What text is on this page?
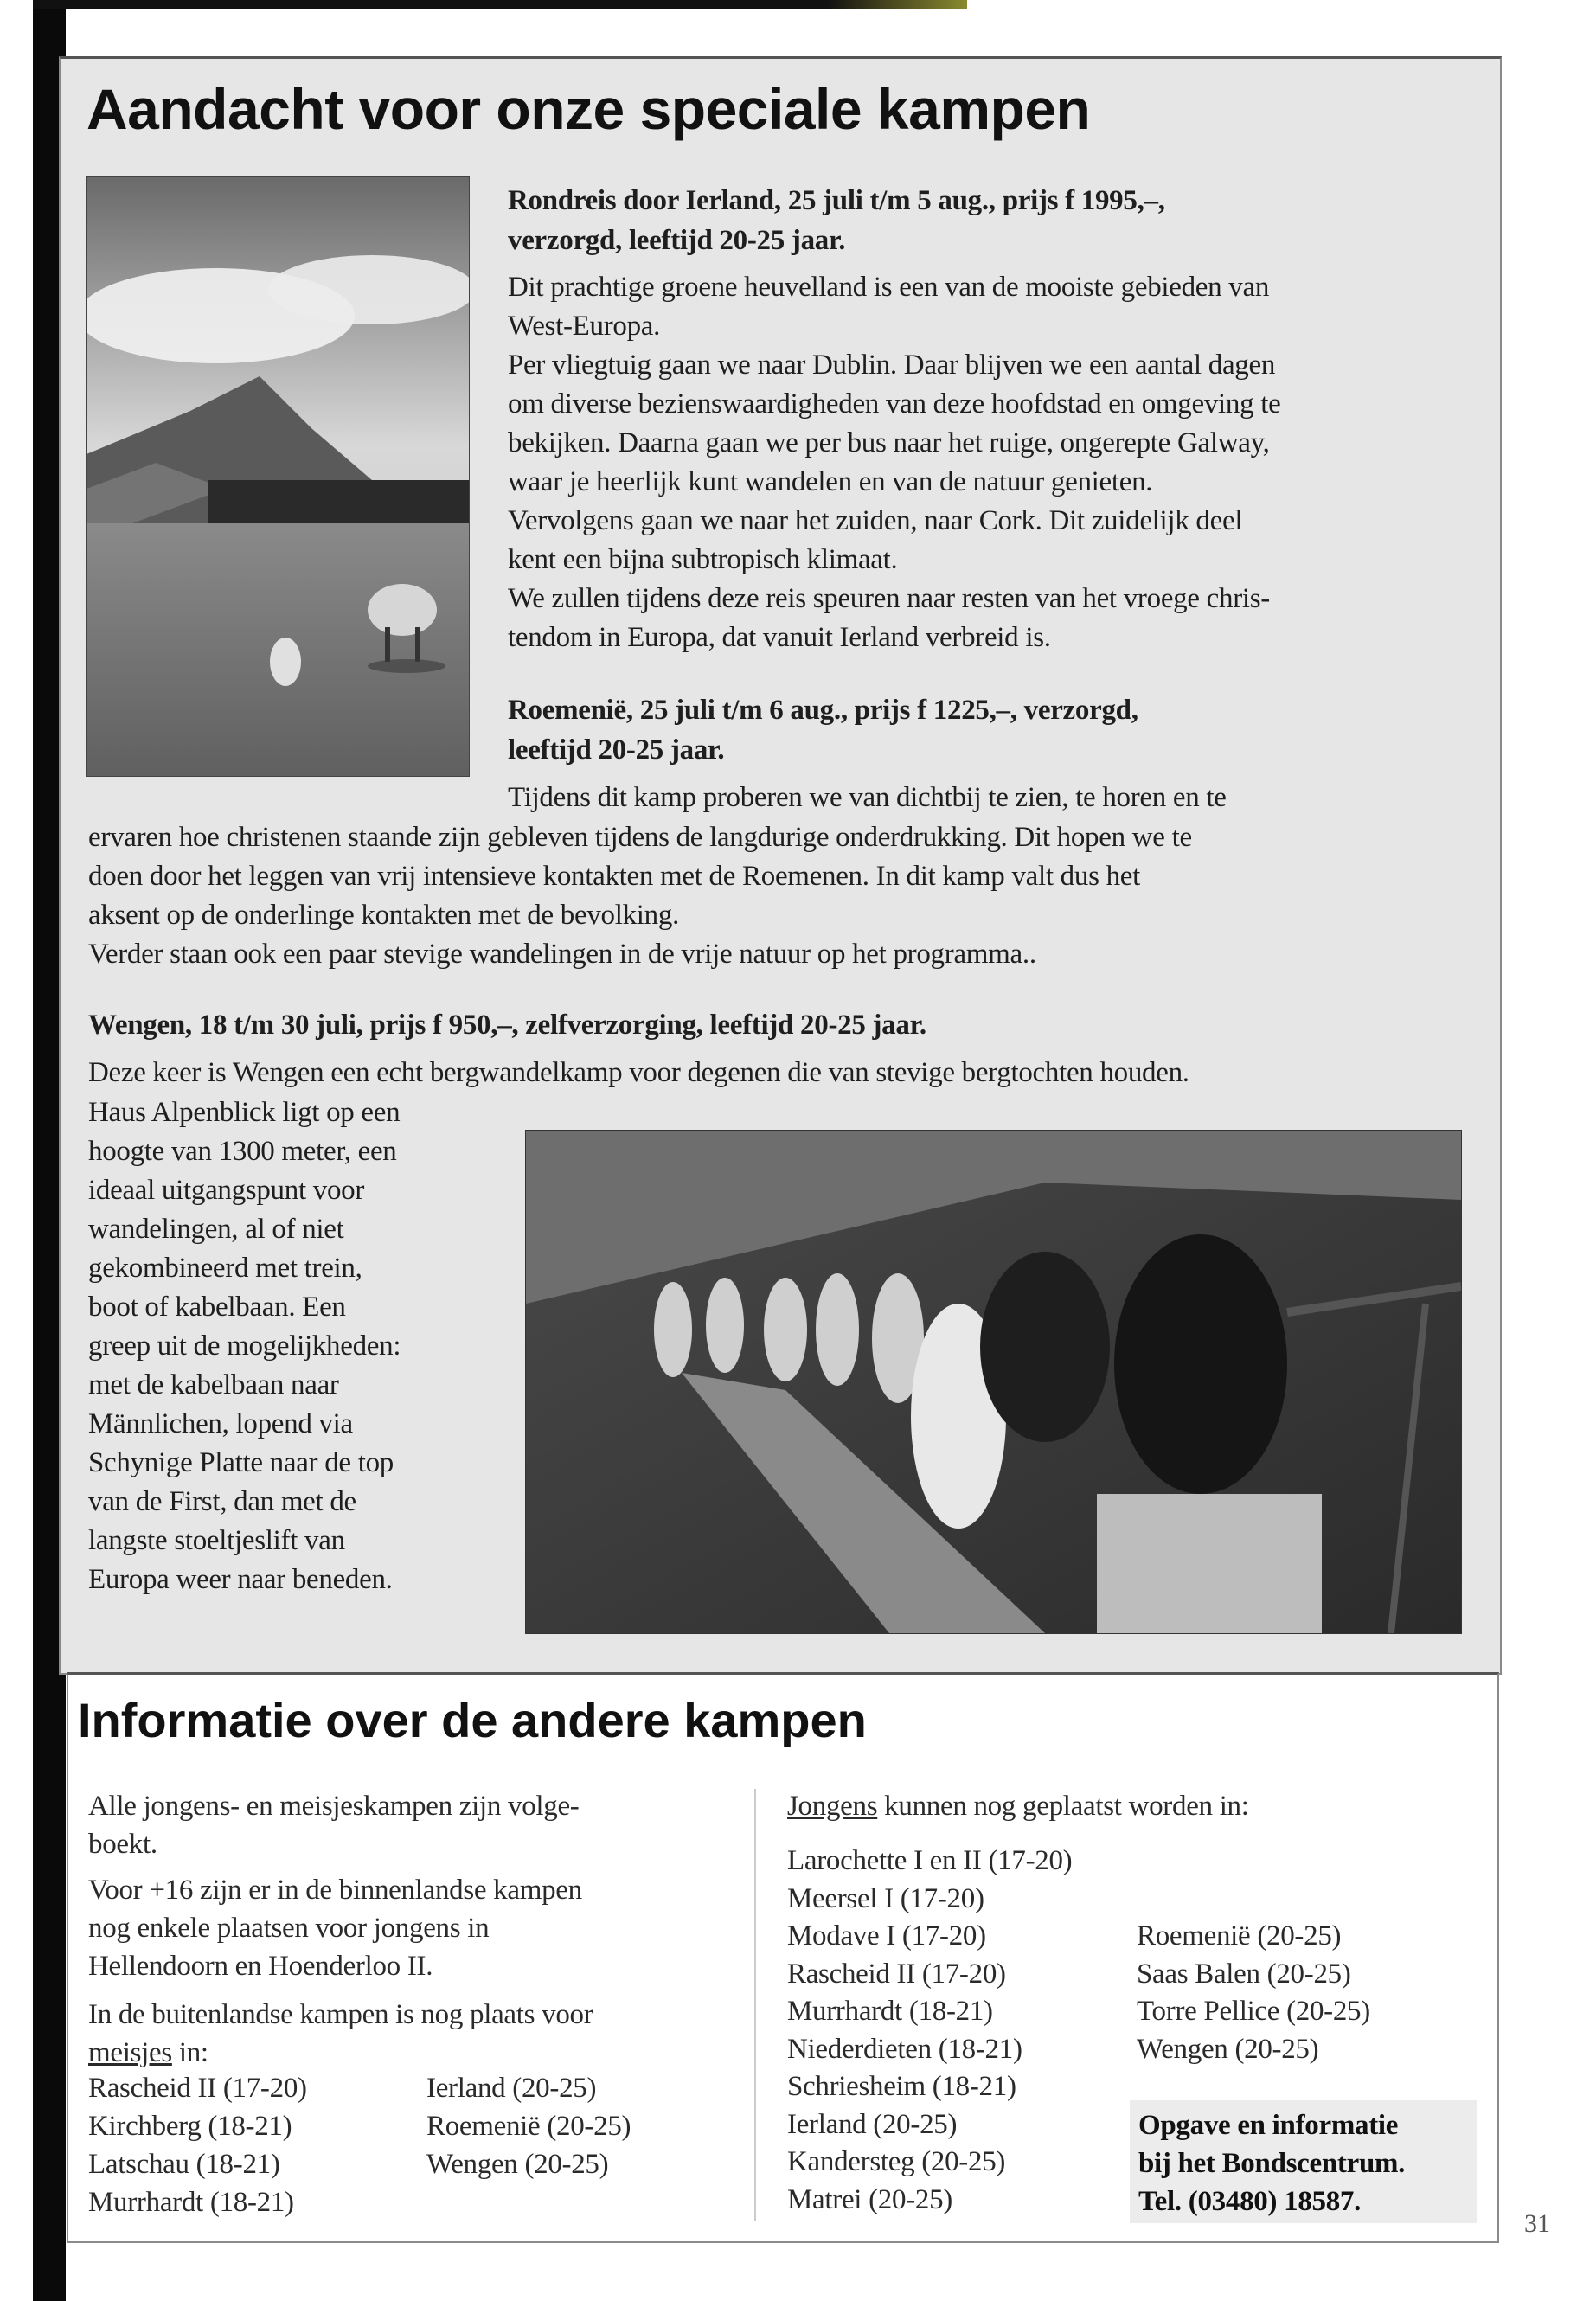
Aandacht voor onze speciale kampen
Rondreis door Ierland, 25 juli t/m 5 aug., prijs f 1995,–,
verzorgd, leeftijd 20-25 jaar.
Dit prachtige groene heuvelland is een van de mooiste gebieden van
West-Europa.
Per vliegtuig gaan we naar Dublin. Daar blijven we een aantal dagen
om diverse bezienswaardigheden van deze hoofdstad en omgeving te
bekijken. Daarna gaan we per bus naar het ruige, ongerepte Galway,
waar je heerlijk kunt wandelen en van de natuur genieten.
Vervolgens gaan we naar het zuiden, naar Cork. Dit zuidelijk deel
kent een bijna subtropisch klimaat.
We zullen tijdens deze reis speuren naar resten van het vroege chris-
tendom in Europa, dat vanuit Ierland verbreid is.
Roemenië, 25 juli t/m 6 aug., prijs f 1225,–, verzorgd,
leeftijd 20-25 jaar.
Tijdens dit kamp proberen we van dichtbij te zien, te horen en te
ervaren hoe christenen staande zijn gebleven tijdens de langdurige onderdrukking. Dit hopen we te
doen door het leggen van vrij intensieve kontakten met de Roemenen. In dit kamp valt dus het
aksent op de onderlinge kontakten met de bevolking.
Verder staan ook een paar stevige wandelingen in de vrije natuur op het programma..
Wengen, 18 t/m 30 juli, prijs f 950,–, zelfverzorging, leeftijd 20-25 jaar.
Deze keer is Wengen een echt bergwandelkamp voor degenen die van stevige bergtochten houden.
Haus Alpenblick ligt op een
hoogte van 1300 meter, een
ideaal uitgangspunt voor
wandelingen, al of niet
gekombineerd met trein,
boot of kabelbaan. Een
greep uit de mogelijkheden:
met de kabelbaan naar
Männlichen, lopend via
Schynige Platte naar de top
van de First, dan met de
langste stoeltjeslift van
Europa weer naar beneden.
Informatie over de andere kampen
Alle jongens- en meisjeskampen zijn volge-
boekt.
Voor +16 zijn er in de binnenlandse kampen
nog enkele plaatsen voor jongens in
Hellendoorn en Hoenderloo II.
In de buitenlandse kampen is nog plaats voor
meisjes in:
Rascheid II (17-20)
Kirchberg (18-21)
Latschau (18-21)
Murrhardt (18-21)
Ierland (20-25)
Roemenië (20-25)
Wengen (20-25)
Jongens kunnen nog geplaatst worden in:
Larochette I en II (17-20)
Meersel I (17-20)
Modave I (17-20)
Rascheid II (17-20)
Murrhardt (18-21)
Niederdieten (18-21)
Schriesheim (18-21)
Ierland (20-25)
Kandersteg (20-25)
Matrei (20-25)
Roemenië (20-25)
Saas Balen (20-25)
Torre Pellice (20-25)
Wengen (20-25)
Opgave en informatie
bij het Bondscentrum.
Tel. (03480) 18587.
31
